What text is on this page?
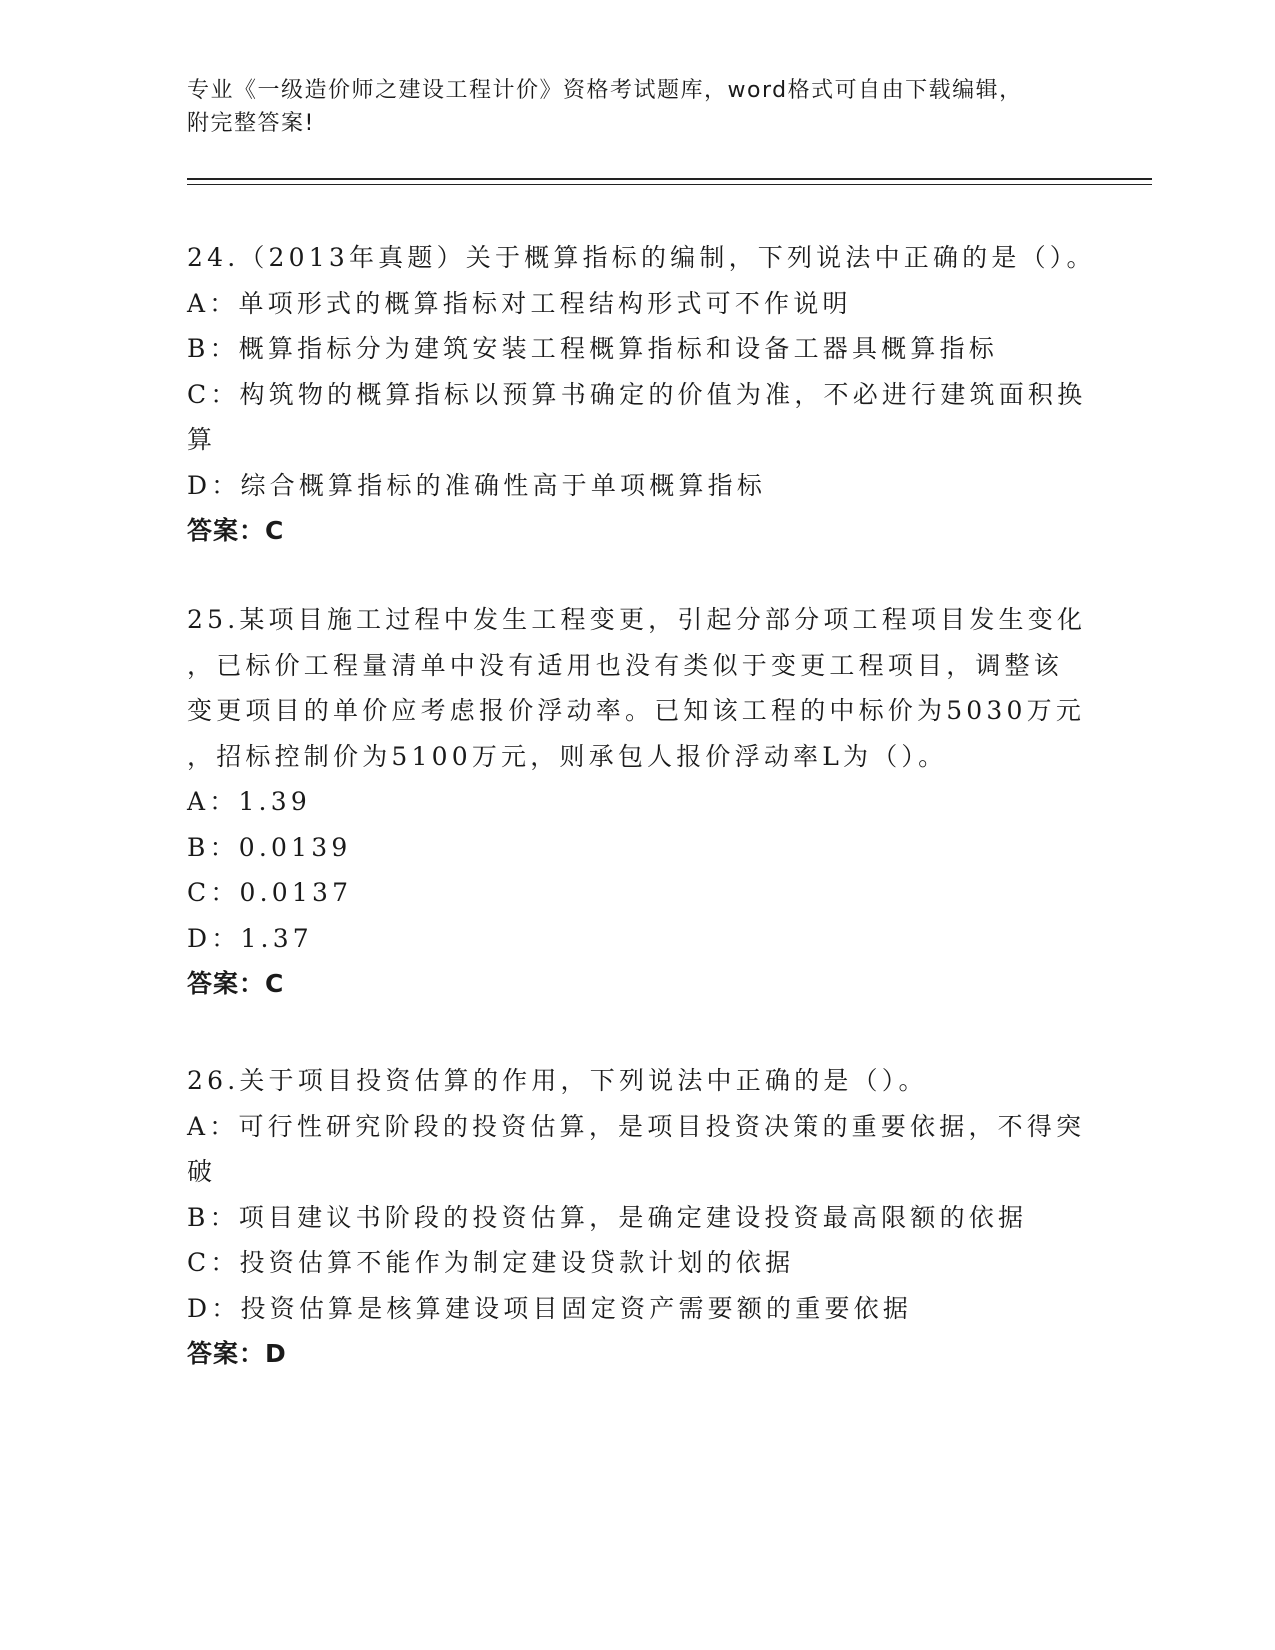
专业《一级造价师之建设工程计价》资格考试题库，word格式可自由下载编辑，
附完整答案!
24.（2013年真题）关于概算指标的编制，下列说法中正确的是（）。
A：单项形式的概算指标对工程结构形式可不作说明
B：概算指标分为建筑安装工程概算指标和设备工器具概算指标
C：构筑物的概算指标以预算书确定的价值为准，不必进行建筑面积换
算
D：综合概算指标的准确性高于单项概算指标
答案：C
25.某项目施工过程中发生工程变更，引起分部分项工程项目发生变化
，已标价工程量清单中没有适用也没有类似于变更工程项目，调整该
变更项目的单价应考虑报价浮动率。已知该工程的中标价为5030万元
，招标控制价为5100万元，则承包人报价浮动率L为（）。
A：1.39
B：0.0139
C：0.0137
D：1.37
答案：C
26.关于项目投资估算的作用，下列说法中正确的是（）。
A：可行性研究阶段的投资估算，是项目投资决策的重要依据，不得突
破
B：项目建议书阶段的投资估算，是确定建设投资最高限额的依据
C：投资估算不能作为制定建设贷款计划的依据
D：投资估算是核算建设项目固定资产需要额的重要依据
答案：D
